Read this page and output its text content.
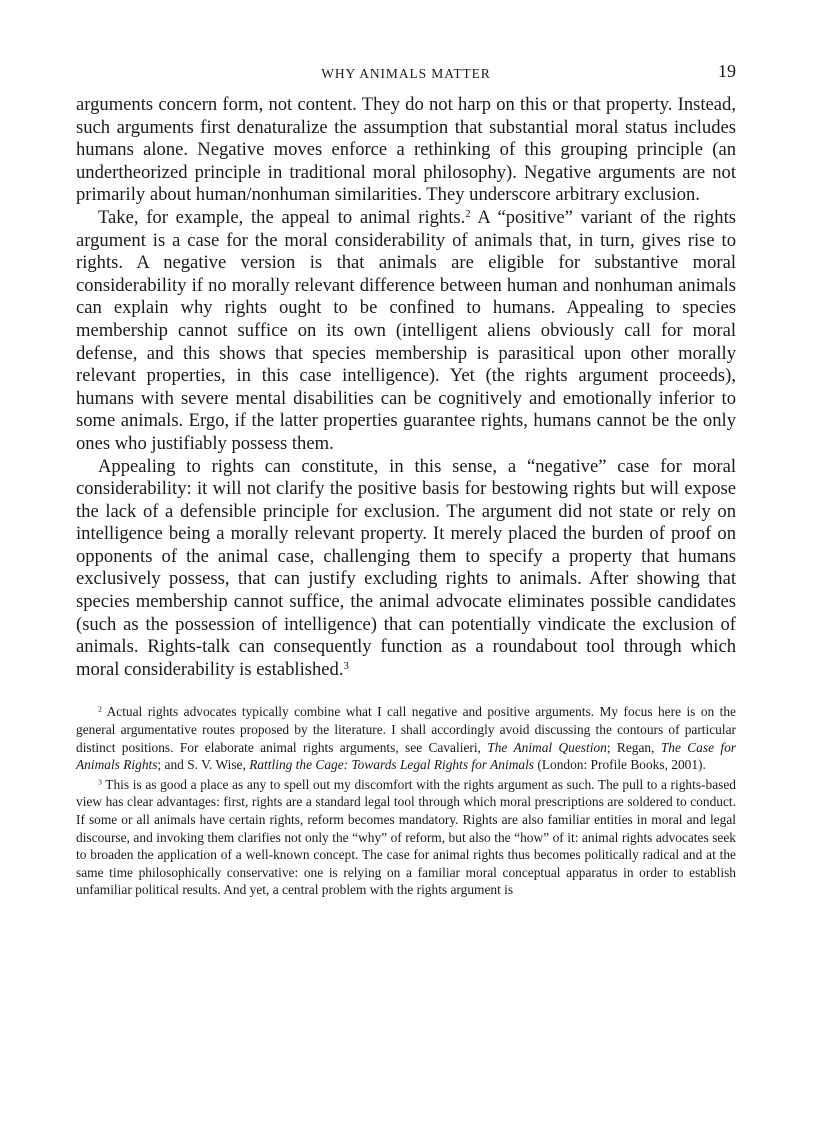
WHY ANIMALS MATTER	19

arguments concern form, not content. They do not harp on this or that property. Instead, such arguments first denaturalize the assumption that substantial moral status includes humans alone. Negative moves enforce a rethinking of this grouping principle (an undertheorized principle in traditional moral philosophy). Negative arguments are not primarily about human/nonhuman similarities. They underscore arbitrary exclusion.

Take, for example, the appeal to animal rights.$^2$ A “positive” variant of the rights argument is a case for the moral considerability of animals that, in turn, gives rise to rights. A negative version is that animals are eligible for substantive moral considerability if no morally relevant difference between human and nonhuman animals can explain why rights ought to be confined to humans. Appealing to species membership cannot suffice on its own (intelligent aliens obviously call for moral defense, and this shows that species membership is parasitical upon other morally relevant properties, in this case intelligence). Yet (the rights argument proceeds), humans with severe mental disabilities can be cognitively and emotionally inferior to some animals. Ergo, if the latter properties guarantee rights, humans cannot be the only ones who justifiably possess them.

Appealing to rights can constitute, in this sense, a “negative” case for moral considerability: it will not clarify the positive basis for bestowing rights but will expose the lack of a defensible principle for exclusion. The argument did not state or rely on intelligence being a morally relevant property. It merely placed the burden of proof on opponents of the animal case, challenging them to specify a property that humans exclusively possess, that can justify excluding rights to animals. After showing that species membership cannot suffice, the animal advocate eliminates possible candidates (such as the possession of intelligence) that can potentially vindicate the exclusion of animals. Rights-talk can consequently function as a roundabout tool through which moral considerability is established.$^3$

$^2$ Actual rights advocates typically combine what I call negative and positive arguments. My focus here is on the general argumentative routes proposed by the literature. I shall accordingly avoid discussing the contours of particular distinct positions. For elaborate animal rights arguments, see Cavalieri, The Animal Question; Regan, The Case for Animals Rights; and S. V. Wise, Rattling the Cage: Towards Legal Rights for Animals (London: Profile Books, 2001).

$^3$ This is as good a place as any to spell out my discomfort with the rights argument as such. The pull to a rights-based view has clear advantages: first, rights are a standard legal tool through which moral prescriptions are soldered to conduct. If some or all animals have certain rights, reform becomes mandatory. Rights are also familiar entities in moral and legal discourse, and invoking them clarifies not only the “why” of reform, but also the “how” of it: animal rights advocates seek to broaden the application of a well-known concept. The case for animal rights thus becomes politically radical and at the same time philosophically conservative: one is relying on a familiar moral conceptual apparatus in order to establish unfamiliar political results. And yet, a central problem with the rights argument is
